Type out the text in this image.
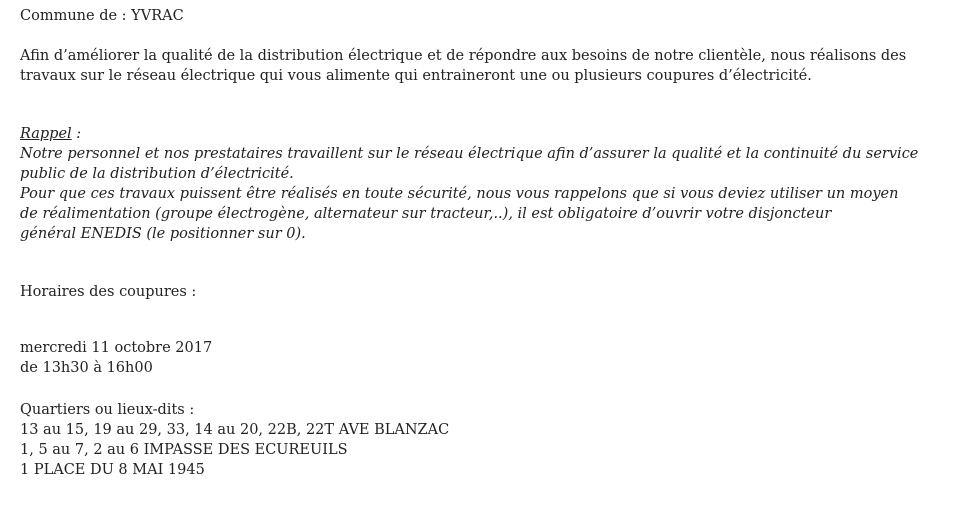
Commune de : YVRAC
Afin d’améliorer la qualité de la distribution électrique et de répondre aux besoins de notre clientèle, nous réalisons des
travaux sur le réseau électrique qui vous alimente qui entraineront une ou plusieurs coupures d’électricité.
Rappel :
Notre personnel et nos prestataires travaillent sur le réseau électrique afin d’assurer la qualité et la continuité du service
public de la distribution d’électricité.
Pour que ces travaux puissent être réalisés en toute sécurité, nous vous rappelons que si vous deviez utiliser un moyen
de réalimentation (groupe électrogène, alternateur sur tracteur,..), il est obligatoire d’ouvrir votre disjoncteur
général ENEDIS (le positionner sur 0).
Horaires des coupures :
mercredi 11 octobre 2017
de 13h30 à 16h00
Quartiers ou lieux-dits :
13 au 15, 19 au 29, 33, 14 au 20, 22B, 22T AVE BLANZAC
1, 5 au 7, 2 au 6 IMPASSE DES ECUREUILS
1 PLACE DU 8 MAI 1945
